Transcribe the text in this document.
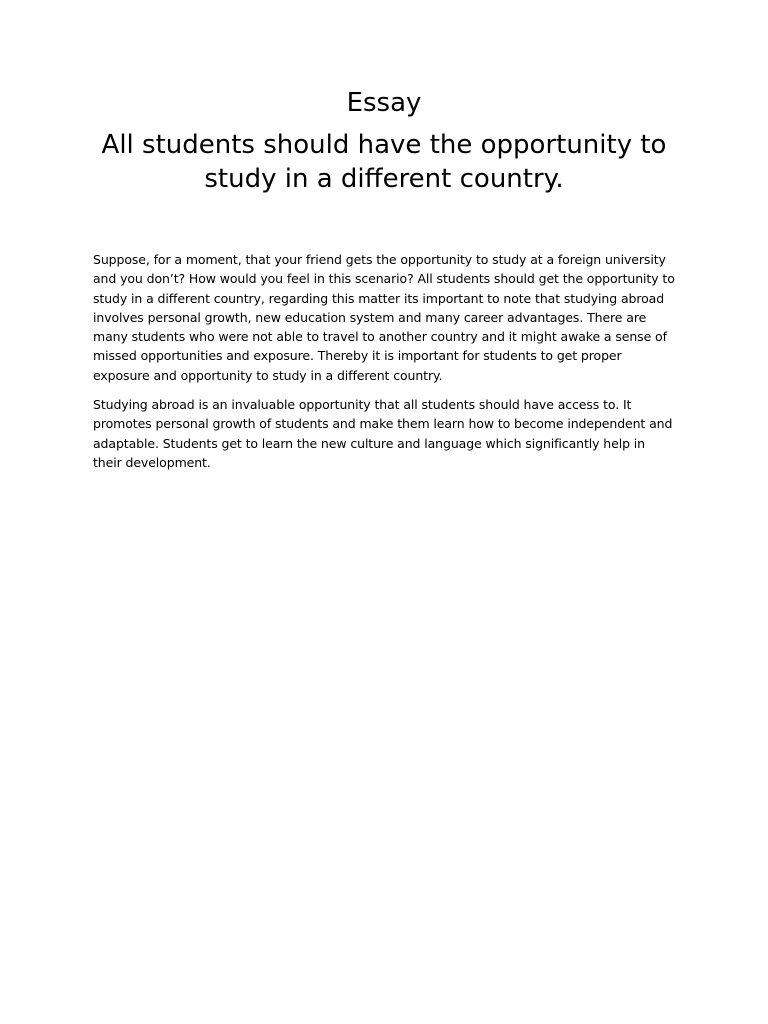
Essay
All students should have the opportunity to study in a different country.

Suppose, for a moment, that your friend gets the opportunity to study at a foreign university and you don’t? How would you feel in this scenario? All students should get the opportunity to study in a different country, regarding this matter its important to note that studying abroad involves personal growth, new education system and many career advantages. There are many students who were not able to travel to another country and it might awake a sense of missed opportunities and exposure. Thereby it is important for students to get proper exposure and opportunity to study in a different country.

Studying abroad is an invaluable opportunity that all students should have access to. It promotes personal growth of students and make them learn how to become independent and adaptable. Students get to learn the new culture and language which significantly help in their development.
